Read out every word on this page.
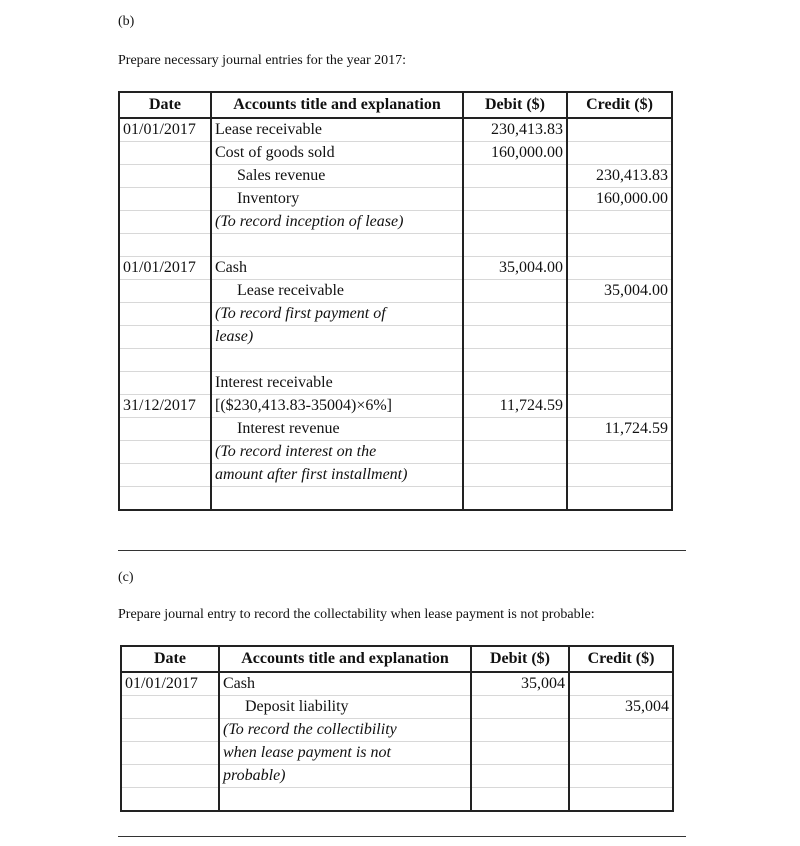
(b)
Prepare necessary journal entries for the year 2017:
Date	Accounts title and explanation	Debit ($)	Credit ($)
01/01/2017	Lease receivable	230,413.83	
	Cost of goods sold	160,000.00	
	Sales revenue		230,413.83
	Inventory		160,000.00
	(To record inception of lease)		

01/01/2017	Cash	35,004.00	
	Lease receivable		35,004.00
	(To record first payment of		
	lease)		

	Interest receivable		
31/12/2017	[($230,413.83-35004)×6%]	11,724.59	
	Interest revenue		11,724.59
	(To record interest on the		
	amount after first installment)		

(c)
Prepare journal entry to record the collectability when lease payment is not probable:
Date	Accounts title and explanation	Debit ($)	Credit ($)
01/01/2017	Cash	35,004	
	Deposit liability		35,004
	(To record the collectibility		
	when lease payment is not		
	probable)		
